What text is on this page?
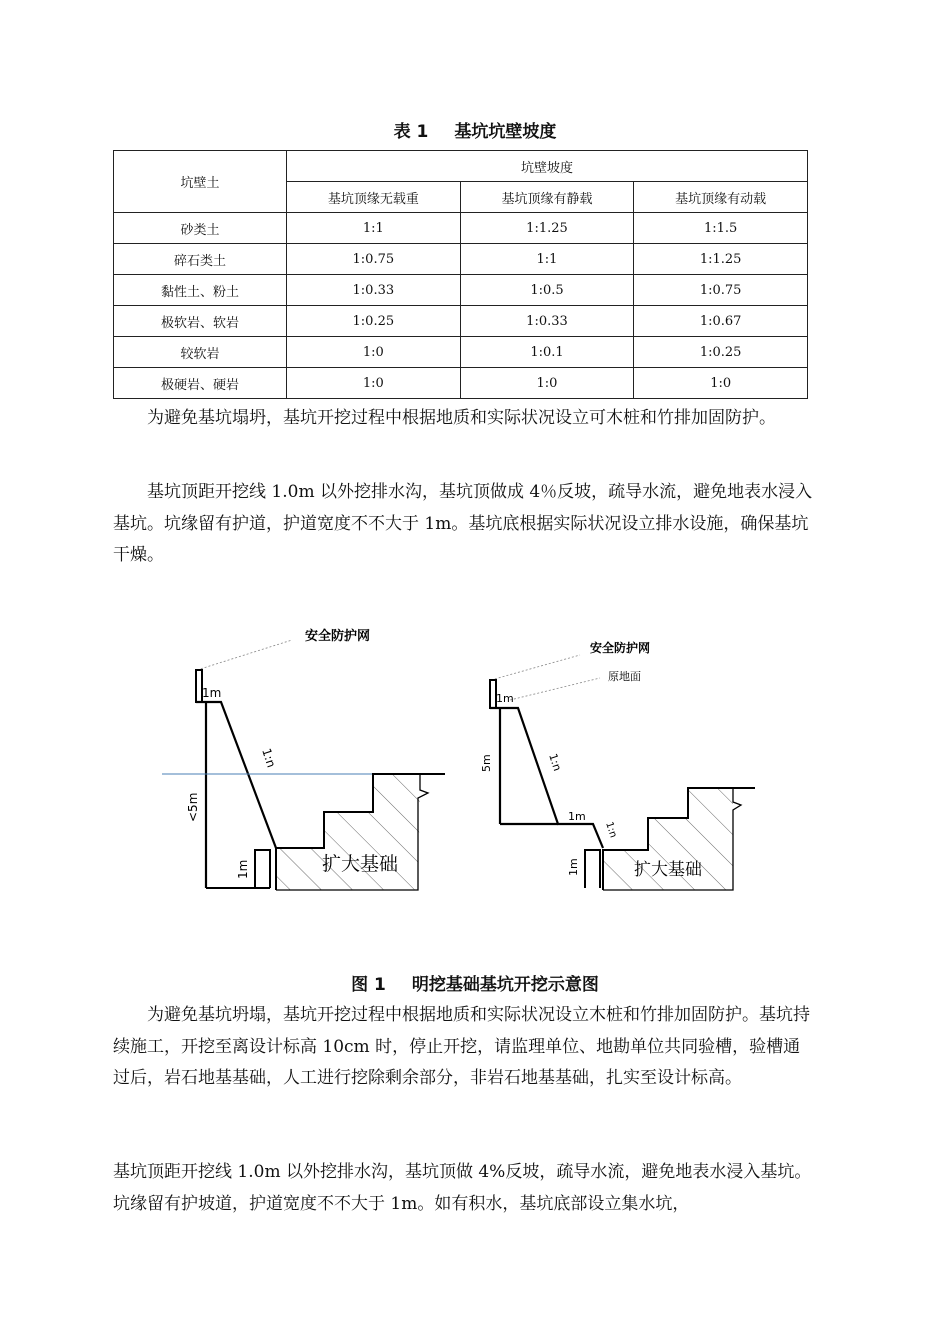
表 1 基坑坑壁坡度
坑壁土	坑壁坡度		
	基坑顶缘无载重	基坑顶缘有静载	基坑顶缘有动载
砂类土	1:1	1:1.25	1:1.5
碎石类土	1:0.75	1:1	1:1.25
黏性土、粉土	1:0.33	1:0.5	1:0.75
极软岩、软岩	1:0.25	1:0.33	1:0.67
较软岩	1:0	1:0.1	1:0.25
极硬岩、硬岩	1:0	1:0	1:0

为避免基坑塌坍，基坑开挖过程中根据地质和实际状况设立可木桩和竹排加固防护。

基坑顶距开挖线 1.0m 以外挖排水沟，基坑顶做成 4％反坡，疏导水流，避免地表水浸入基坑。坑缘留有护道，护道宽度不不大于 1m。基坑底根据实际状况设立排水设施，确保基坑干燥。

安全防护网
1m
1:n
<5m
1m	扩大基础
安全防护网
原地面
1m
5m	1:n
1m
1:n
1m	扩大基础
图 1 明挖基础基坑开挖示意图

为避免基坑坍塌，基坑开挖过程中根据地质和实际状况设立木桩和竹排加固防护。基坑持续施工，开挖至离设计标高 10cm 时，停止开挖，请监理单位、地勘单位共同验槽，验槽通过后，岩石地基基础，人工进行挖除剩余部分，非岩石地基基础，扎实至设计标高。

基坑顶距开挖线 1.0m 以外挖排水沟，基坑顶做 4%反坡，疏导水流，避免地表水浸入基坑。坑缘留有护坡道，护道宽度不不大于 1m。如有积水，基坑底部设立集水坑，
